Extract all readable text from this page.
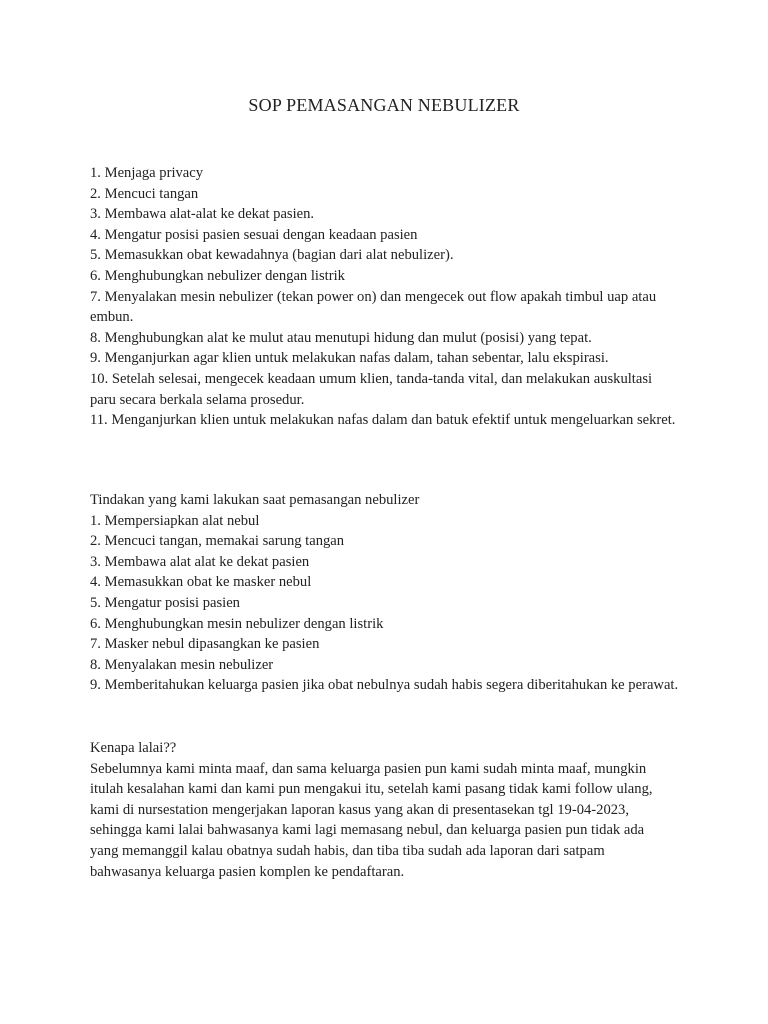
SOP PEMASANGAN NEBULIZER
1. Menjaga privacy
2. Mencuci tangan
3. Membawa alat-alat ke dekat pasien.
4. Mengatur posisi pasien sesuai dengan keadaan pasien
5. Memasukkan obat kewadahnya (bagian dari alat nebulizer).
6. Menghubungkan nebulizer dengan listrik
7. Menyalakan mesin nebulizer (tekan power on) dan mengecek out flow apakah timbul uap atau embun.
8. Menghubungkan alat ke mulut atau menutupi hidung dan mulut (posisi) yang tepat.
9. Menganjurkan agar klien untuk melakukan nafas dalam, tahan sebentar, lalu ekspirasi.
10. Setelah selesai, mengecek keadaan umum klien, tanda-tanda vital, dan melakukan auskultasi paru secara berkala selama prosedur.
11. Menganjurkan klien untuk melakukan nafas dalam dan batuk efektif untuk mengeluarkan sekret.
Tindakan yang kami lakukan saat pemasangan nebulizer
1. Mempersiapkan alat nebul
2. Mencuci tangan, memakai sarung tangan
3. Membawa alat alat ke dekat pasien
4. Memasukkan obat ke masker nebul
5. Mengatur posisi pasien
6. Menghubungkan mesin nebulizer dengan listrik
7. Masker nebul dipasangkan ke pasien
8. Menyalakan mesin nebulizer
9. Memberitahukan keluarga pasien jika obat nebulnya sudah habis segera diberitahukan ke perawat.
Kenapa lalai??
Sebelumnya kami minta maaf, dan sama keluarga pasien pun kami sudah minta maaf, mungkin
itulah kesalahan kami dan kami pun mengakui itu, setelah kami pasang tidak kami follow ulang,
kami di nursestation mengerjakan laporan kasus yang akan di presentasekan tgl 19-04-2023,
sehingga kami lalai bahwasanya kami lagi memasang nebul, dan keluarga pasien pun tidak ada
yang memanggil kalau obatnya sudah habis, dan tiba tiba sudah ada laporan dari satpam
bahwasanya keluarga pasien komplen ke pendaftaran.
